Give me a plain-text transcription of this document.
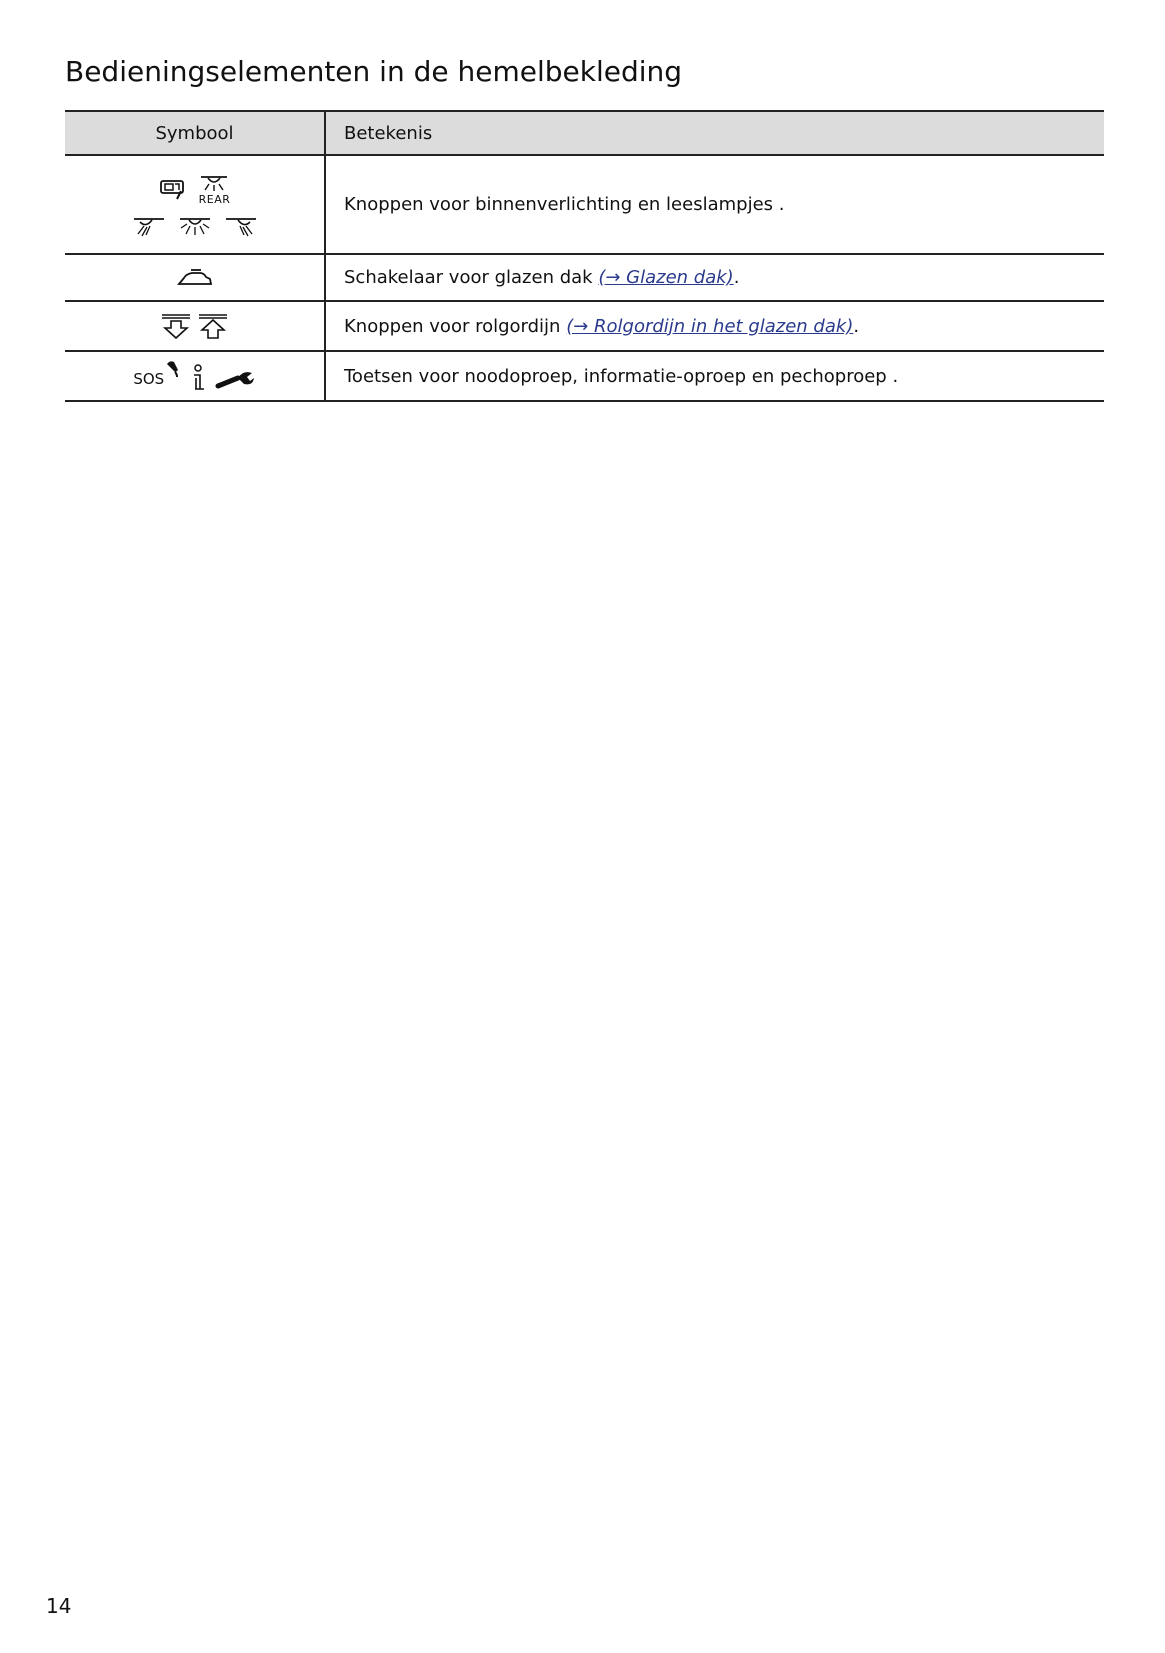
Bedieningselementen in de hemelbekleding
Symbool	Betekenis

REAR	Knoppen voor binnenverlichting en leeslampjes .
	Schakelaar voor glazen dak (→ Glazen dak).
	Knoppen voor rolgordijn (→ Rolgordijn in het glazen dak).

SOS	Toetsen voor noodoproep, informatie-oproep en pechoproep .
14
